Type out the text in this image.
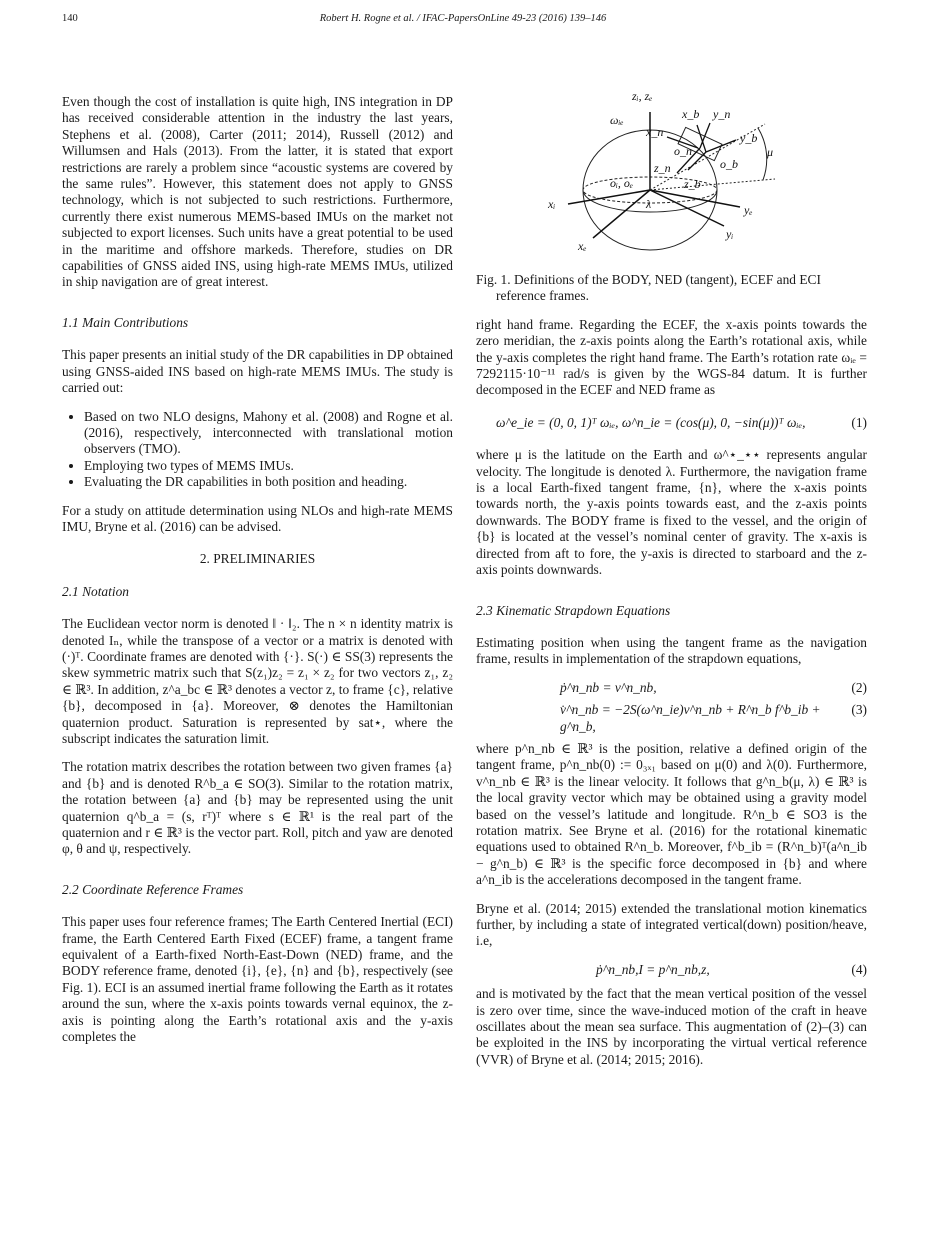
140	Robert H. Rogne et al. / IFAC-PapersOnLine 49-23 (2016) 139–146

Even though the cost of installation is quite high, INS integration in DP has received considerable attention in the industry the last years, Stephens et al. (2008), Carter (2011; 2014), Russell (2012) and Willumsen and Hals (2013). From the latter, it is stated that export restrictions are rarely a problem since “acoustic systems are covered by the same rules”. However, this statement does not apply to GNSS technology, which is not subjected to such restrictions. Furthermore, currently there exist numerous MEMS-based IMUs on the market not subjected to export licenses. Such units have a great potential to be used in the maritime and offshore markeds. Therefore, studies on DR capabilities of GNSS aided INS, using high-rate MEMS IMUs, utilized in ship navigation are of great interest.

1.1 Main Contributions

This paper presents an initial study of the DR capabilities in DP obtained using GNSS-aided INS based on high-rate MEMS IMUs. The study is carried out:

• Based on two NLO designs, Mahony et al. (2008) and Rogne et al. (2016), respectively, interconnected with translational motion observers (TMO).
• Employing two types of MEMS IMUs.
• Evaluating the DR capabilities in both position and heading.

For a study on attitude determination using NLOs and high-rate MEMS IMU, Bryne et al. (2016) can be advised.

2. PRELIMINARIES

2.1 Notation

The Euclidean vector norm is denoted ‖ · ‖₂. The n × n identity matrix is denoted Iₙ, while the transpose of a vector or a matrix is denoted with (·)ᵀ. Coordinate frames are denoted with {·}. S(·) ∈ SS(3) represents the skew symmetric matrix such that S(z₁)z₂ = z₁ × z₂ for two vectors z₁, z₂ ∈ ℝ³. In addition, z^a_bc ∈ ℝ³ denotes a vector z, to frame {c}, relative {b}, decomposed in {a}. Moreover, ⊗ denotes the Hamiltonian quaternion product. Saturation is represented by sat⋆, where the subscript indicates the saturation limit.

The rotation matrix describes the rotation between two given frames {a} and {b} and is denoted R^b_a ∈ SO(3). Similar to the rotation matrix, the rotation between {a} and {b} may be represented using the unit quaternion q^b_a = (s, rᵀ)ᵀ where s ∈ ℝ¹ is the real part of the quaternion and r ∈ ℝ³ is the vector part. Roll, pitch and yaw are denoted φ, θ and ψ, respectively.

2.2 Coordinate Reference Frames

This paper uses four reference frames; The Earth Centered Inertial (ECI) frame, the Earth Centered Earth Fixed (ECEF) frame, a tangent frame equivalent of a Earth-fixed North-East-Down (NED) frame, and the BODY reference frame, denoted {i}, {e}, {n} and {b}, respectively (see Fig. 1). ECI is an assumed inertial frame following the Earth as it rotates around the sun, where the x-axis points towards vernal equinox, the z-axis is pointing along the Earth’s rotational axis and the y-axis completes the

zᵢ, zₑ
ωᵢₑ	x_b y_n
x_n	y_b
o_n
o_b
μ
z_n
z_b
oᵢ, oₑ
xᵢ	yₑ
λ
yᵢ
xₑ

Fig. 1. Definitions of the BODY, NED (tangent), ECEF and ECI reference frames.

right hand frame. Regarding the ECEF, the x-axis points towards the zero meridian, the z-axis points along the Earth’s rotational axis, while the y-axis completes the right hand frame. The Earth’s rotation rate ωᵢₑ = 7292115·10⁻¹¹ rad/s is given by the WGS-84 datum. It is further decomposed in the ECEF and NED frame as

ω^e_ie = (0, 0, 1)ᵀ ωᵢₑ, ω^n_ie = (cos(μ), 0, −sin(μ))ᵀ ωᵢₑ,	(1)

where μ is the latitude on the Earth and ω^⋆_⋆⋆ represents angular velocity. The longitude is denoted λ. Furthermore, the navigation frame is a local Earth-fixed tangent frame, {n}, where the x-axis points towards north, the y-axis points towards east, and the z-axis points downwards. The BODY frame is fixed to the vessel, and the origin of {b} is located at the vessel’s nominal center of gravity. The x-axis is directed from aft to fore, the y-axis is directed to starboard and the z-axis points downwards.

2.3 Kinematic Strapdown Equations

Estimating position when using the tangent frame as the navigation frame, results in implementation of the strapdown equations,

ṗ^n_nb = v^n_nb,	(2)
v̇^n_nb = −2S(ω^n_ie)v^n_nb + R^n_b f^b_ib + g^n_b,
(3)

where p^n_nb ∈ ℝ³ is the position, relative a defined origin of the tangent frame, p^n_nb(0) := 0₃ₓ₁ based on μ(0) and λ(0). Furthermore, v^n_nb ∈ ℝ³ is the linear velocity. It follows that g^n_b(μ, λ) ∈ ℝ³ is the local gravity vector which may be obtained using a gravity model based on the vessel’s latitude and longitude. R^n_b ∈ SO3 is the rotation matrix. See Bryne et al. (2016) for the rotational kinematic equations used to obtained R^n_b. Moreover, f^b_ib = (R^n_b)ᵀ(a^n_ib − g^n_b) ∈ ℝ³ is the specific force decomposed in {b} and where a^n_ib is the accelerations decomposed in the tangent frame.

Bryne et al. (2014; 2015) extended the translational motion kinematics further, by including a state of integrated vertical(down) position/heave, i.e,

ṗ^n_nb,I = p^n_nb,z,	(4)

and is motivated by the fact that the mean vertical position of the vessel is zero over time, since the wave-induced motion of the craft in heave oscillates about the mean sea surface. This augmentation of (2)–(3) can be exploited in the INS by incorporating the virtual vertical reference (VVR) of Bryne et al. (2014; 2015; 2016).
